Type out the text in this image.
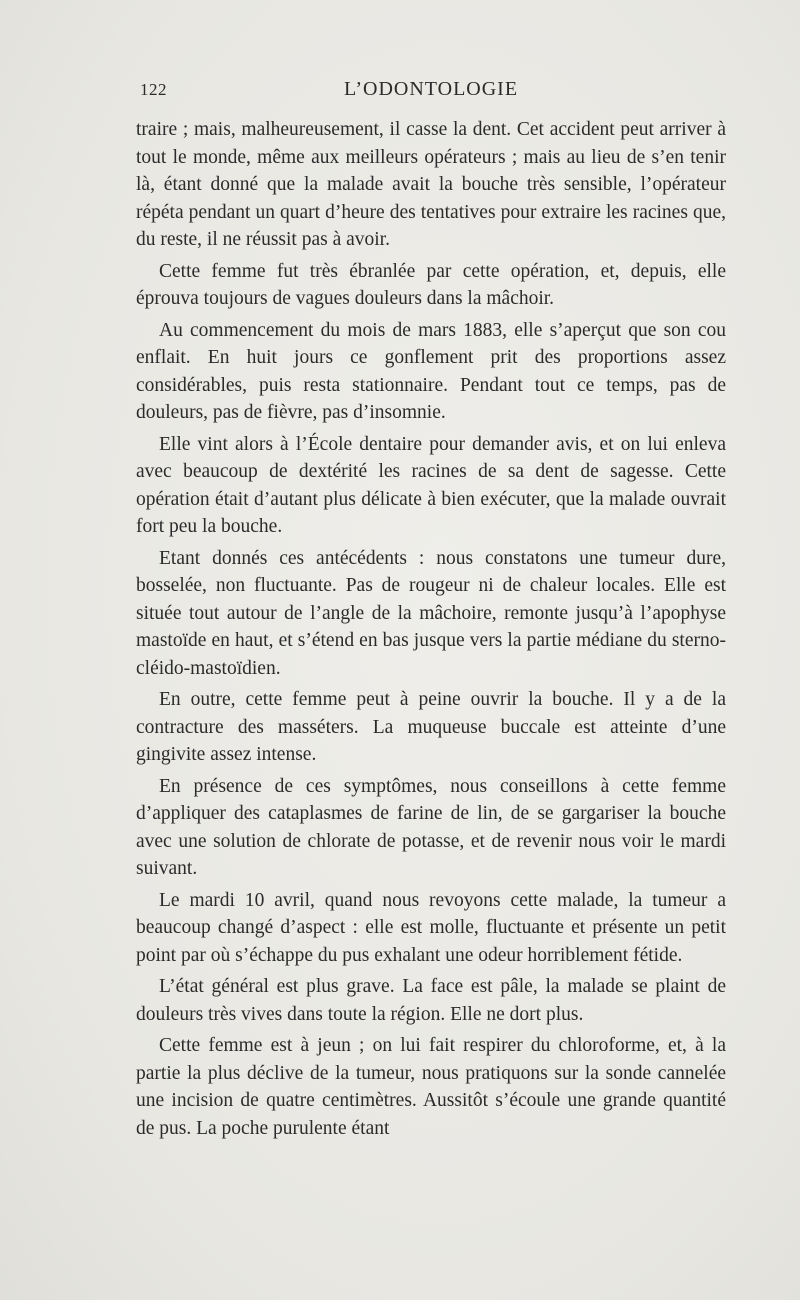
122	L’ODONTOLOGIE

traire ; mais, malheureusement, il casse la dent. Cet accident peut arriver à tout le monde, même aux meilleurs opérateurs ; mais au lieu de s’en tenir là, étant donné que la malade avait la bouche très sensible, l’opérateur répéta pendant un quart d’heure des tentatives pour extraire les racines que, du reste, il ne réussit pas à avoir.

Cette femme fut très ébranlée par cette opération, et, depuis, elle éprouva toujours de vagues douleurs dans la mâchoir.

Au commencement du mois de mars 1883, elle s’aperçut que son cou enflait. En huit jours ce gonflement prit des proportions assez considérables, puis resta stationnaire. Pendant tout ce temps, pas de douleurs, pas de fièvre, pas d’insomnie.

Elle vint alors à l’École dentaire pour demander avis, et on lui enleva avec beaucoup de dextérité les racines de sa dent de sagesse. Cette opération était d’autant plus délicate à bien exécuter, que la malade ouvrait fort peu la bouche.

Etant donnés ces antécédents : nous constatons une tumeur dure, bosselée, non fluctuante. Pas de rougeur ni de chaleur locales. Elle est située tout autour de l’angle de la mâchoire, remonte jusqu’à l’apophyse mastoïde en haut, et s’étend en bas jusque vers la partie médiane du sterno-cléido-mastoïdien.

En outre, cette femme peut à peine ouvrir la bouche. Il y a de la contracture des masséters. La muqueuse buccale est atteinte d’une gingivite assez intense.

En présence de ces symptômes, nous conseillons à cette femme d’appliquer des cataplasmes de farine de lin, de se gargariser la bouche avec une solution de chlorate de potasse, et de revenir nous voir le mardi suivant.

Le mardi 10 avril, quand nous revoyons cette malade, la tumeur a beaucoup changé d’aspect : elle est molle, fluctuante et présente un petit point par où s’échappe du pus exhalant une odeur horriblement fétide.

L’état général est plus grave. La face est pâle, la malade se plaint de douleurs très vives dans toute la région. Elle ne dort plus.

Cette femme est à jeun ; on lui fait respirer du chloroforme, et, à la partie la plus déclive de la tumeur, nous pratiquons sur la sonde cannelée une incision de quatre centimètres. Aussitôt s’écoule une grande quantité de pus. La poche purulente étant
